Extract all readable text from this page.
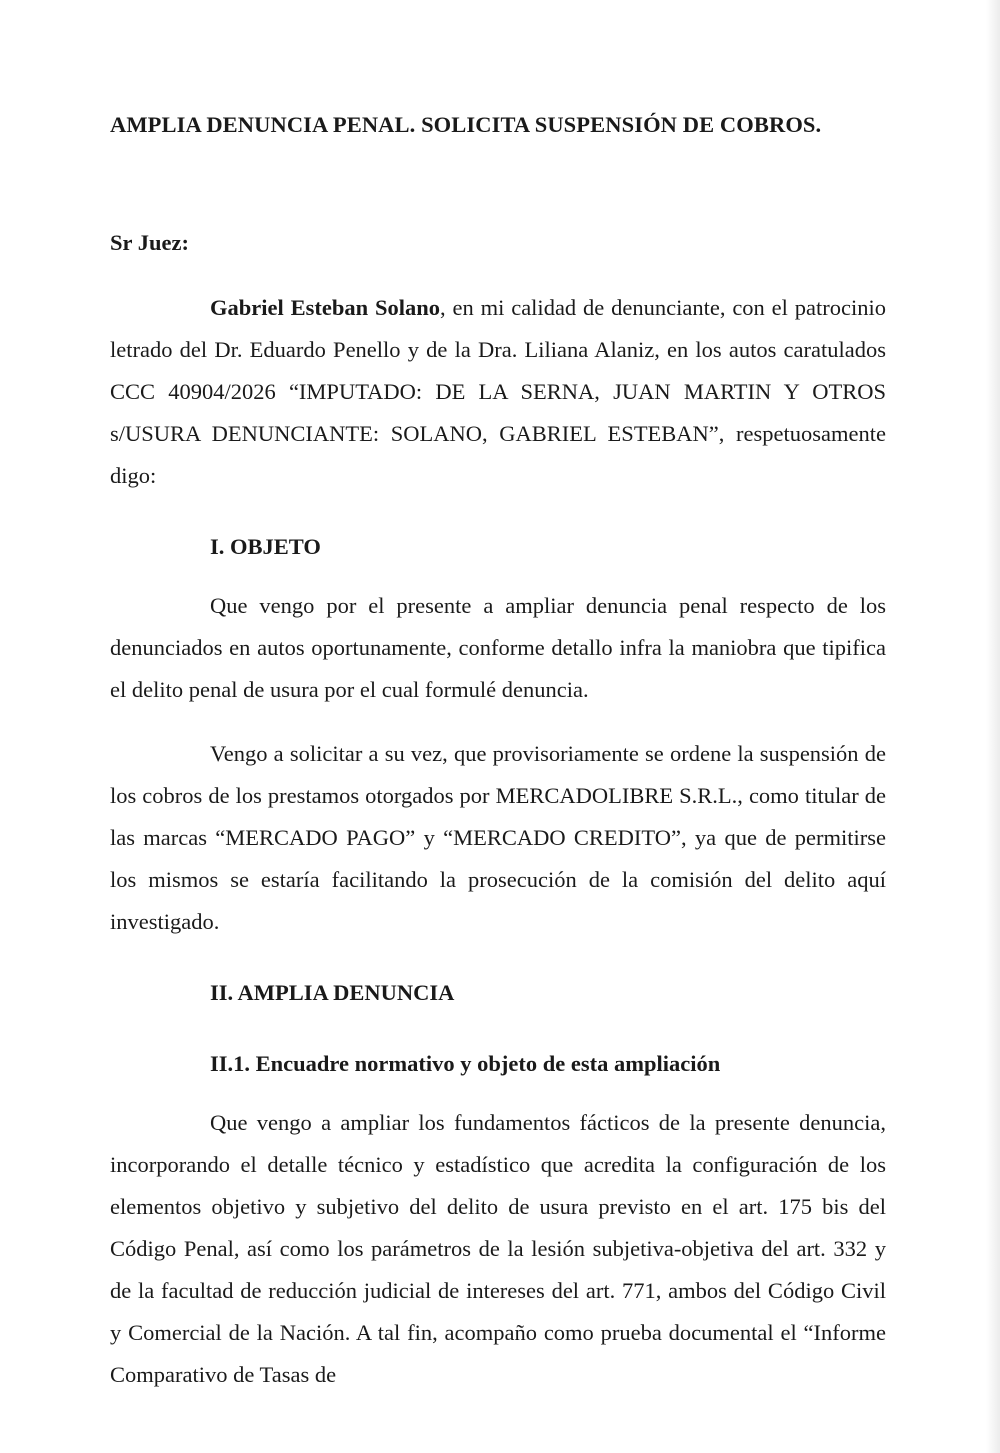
AMPLIA DENUNCIA PENAL. SOLICITA SUSPENSIÓN DE COBROS.
Sr Juez:

Gabriel Esteban Solano, en mi calidad de denunciante, con el patrocinio letrado del Dr. Eduardo Penello y de la Dra. Liliana Alaniz, en los autos caratulados CCC 40904/2026 “IMPUTADO: DE LA SERNA, JUAN MARTIN Y OTROS s/USURA DENUNCIANTE: SOLANO, GABRIEL ESTEBAN”, respetuosamente digo:

I. OBJETO

Que vengo por el presente a ampliar denuncia penal respecto de los denunciados en autos oportunamente, conforme detallo infra la maniobra que tipifica el delito penal de usura por el cual formulé denuncia.

Vengo a solicitar a su vez, que provisoriamente se ordene la suspensión de los cobros de los prestamos otorgados por MERCADOLIBRE S.R.L., como titular de las marcas “MERCADO PAGO” y “MERCADO CREDITO”, ya que de permitirse los mismos se estaría facilitando la prosecución de la comisión del delito aquí investigado.

II. AMPLIA DENUNCIA
II.1. Encuadre normativo y objeto de esta ampliación

Que vengo a ampliar los fundamentos fácticos de la presente denuncia, incorporando el detalle técnico y estadístico que acredita la configuración de los elementos objetivo y subjetivo del delito de usura previsto en el art. 175 bis del Código Penal, así como los parámetros de la lesión subjetiva-objetiva del art. 332 y de la facultad de reducción judicial de intereses del art. 771, ambos del Código Civil y Comercial de la Nación. A tal fin, acompaño como prueba documental el “Informe Comparativo de Tasas de
